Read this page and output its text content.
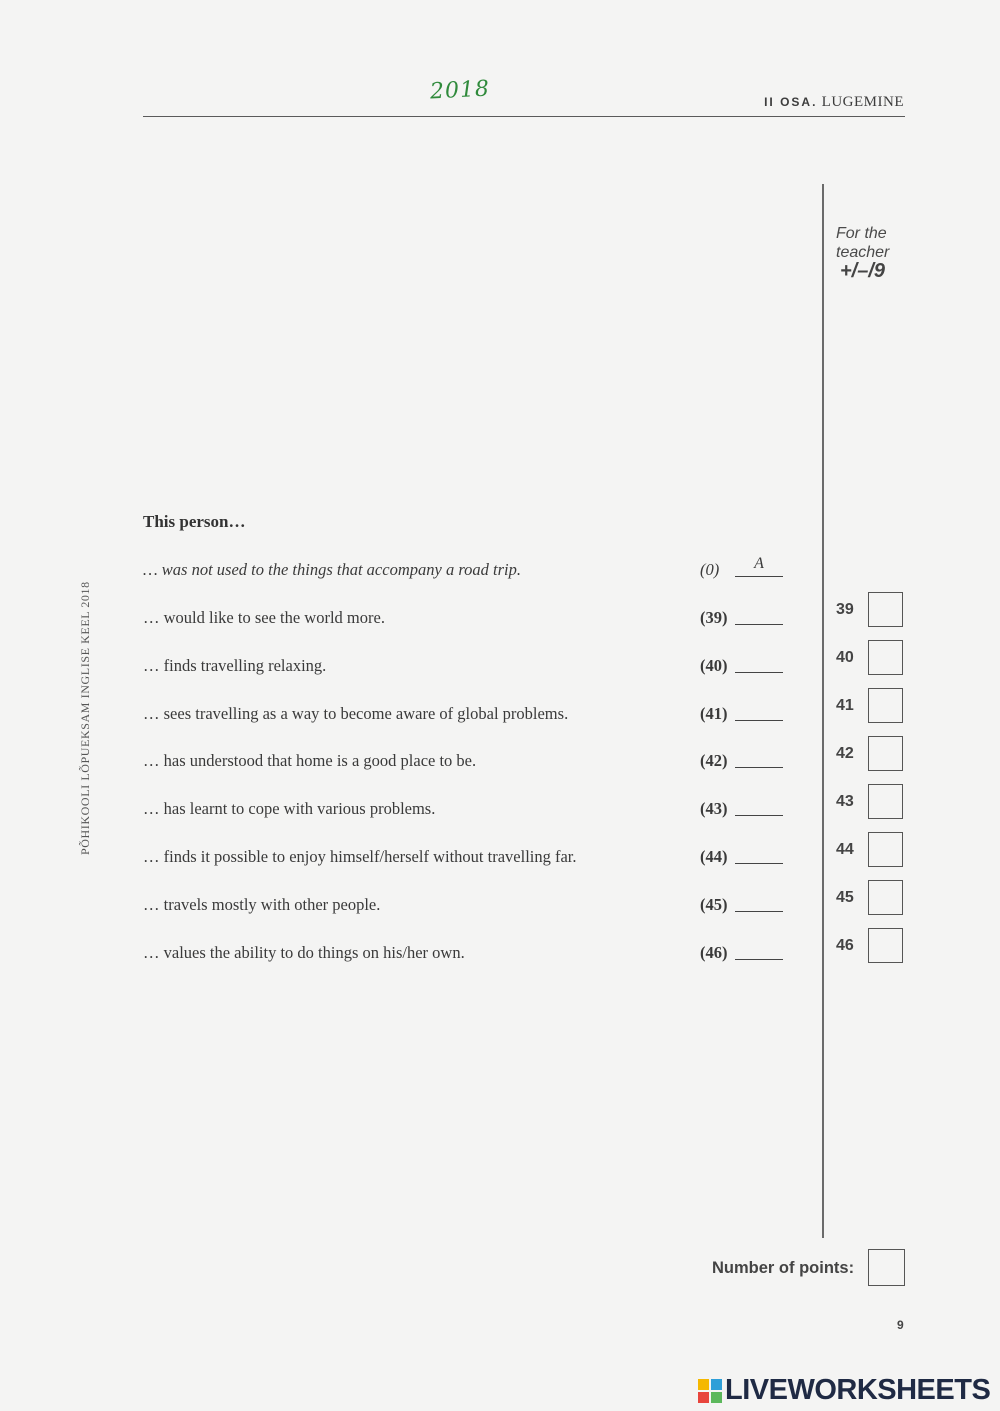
2018	II OSA. LUGEMINE
PÕHIKOOLI LÕPUEKSAM INGLISE KEEL 2018
For the teacher
+/–/9
This person…
… was not used to the things that accompany a road trip.	(0)	A
… would like to see the world more.	(39)
… finds travelling relaxing.	(40)
… sees travelling as a way to become aware of global problems.	(41)
… has understood that home is a good place to be.	(42)
… has learnt to cope with various problems.	(43)
… finds it possible to enjoy himself/herself without travelling far.	(44)
… travels mostly with other people.	(45)
… values the ability to do things on his/her own.	(46)
39
40
41
42
43
44
45
46
Number of points:
9
LIVEWORKSHEETS
